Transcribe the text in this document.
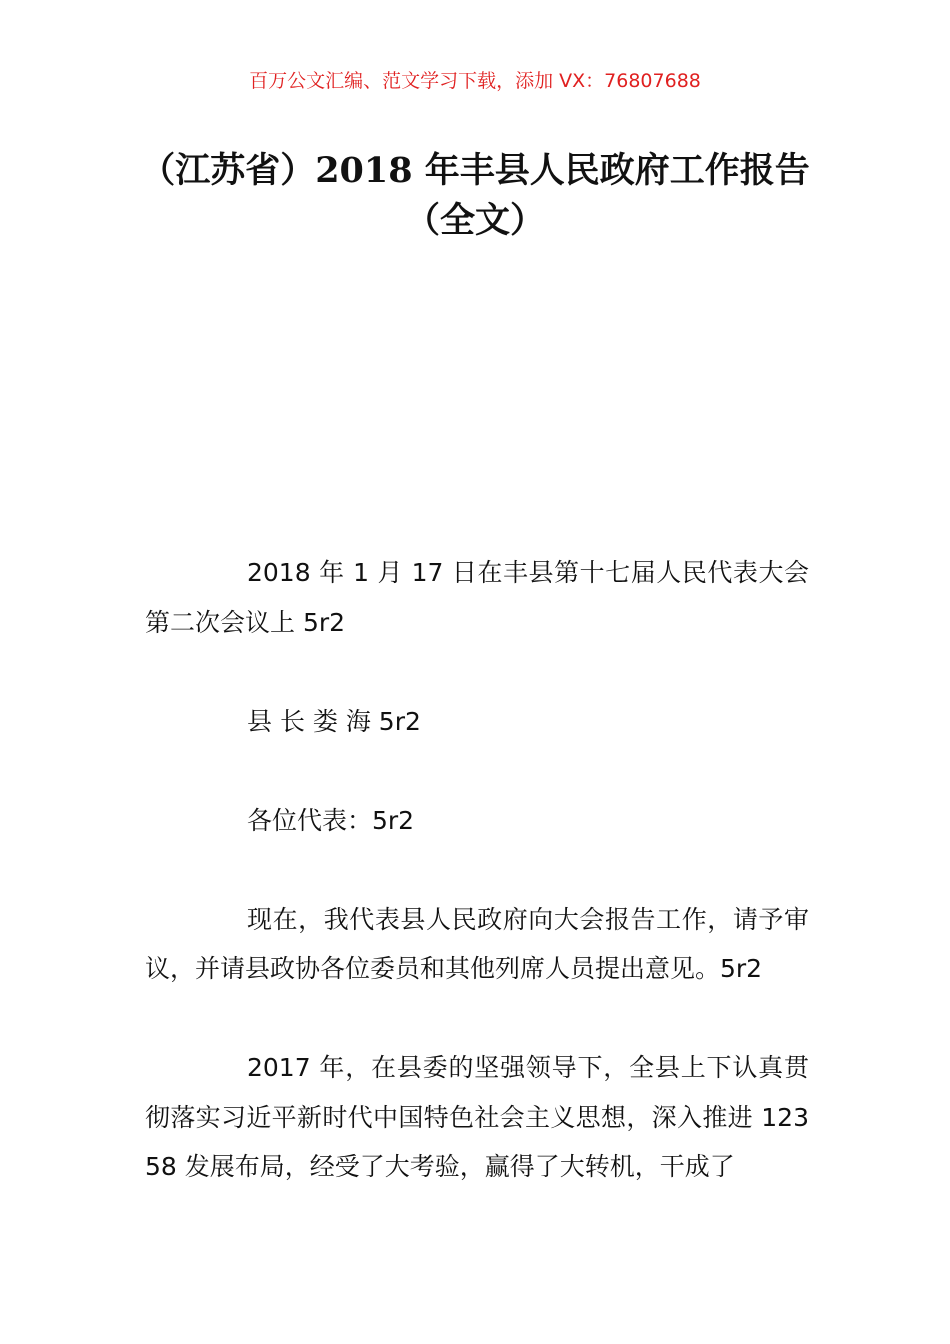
百万公文汇编、范文学习下载，添加 VX：76807688
（江苏省）2018 年丰县人民政府工作报告
（全文）

2018 年 1 月 17 日在丰县第十七届人民代表大会第二次会议上 5r2

县 长 娄 海 5r2

各位代表：5r2

现在，我代表县人民政府向大会报告工作，请予审议，并请县政协各位委员和其他列席人员提出意见。5r2

2017 年，在县委的坚强领导下，全县上下认真贯彻落实习近平新时代中国特色社会主义思想，深入推进 12358 发展布局，经受了大考验，赢得了大转机，干成了
